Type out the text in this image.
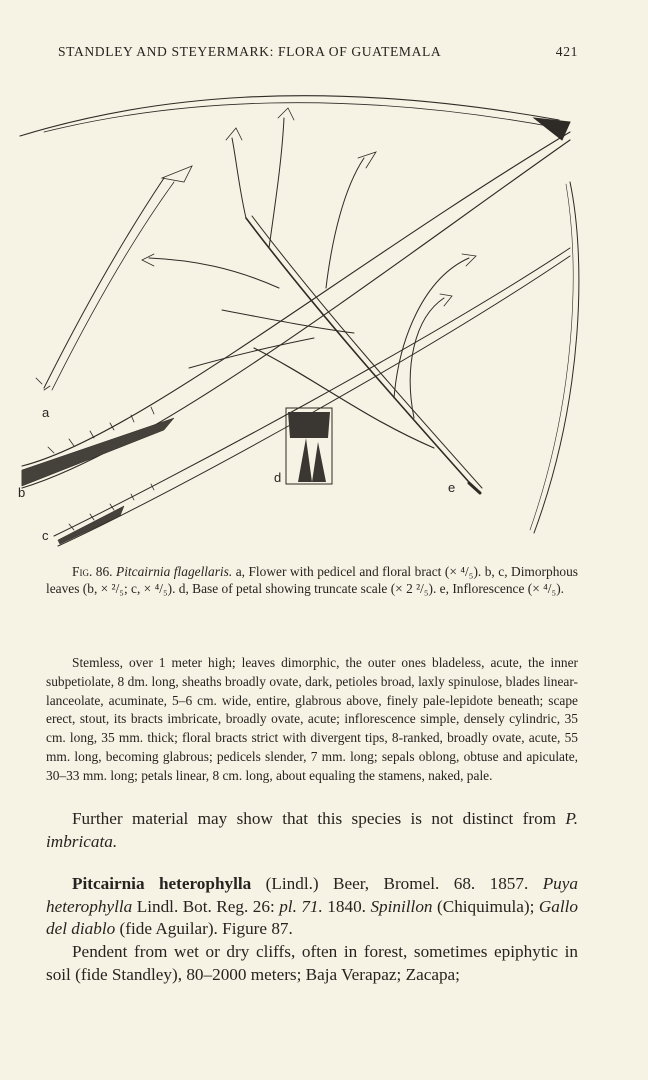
STANDLEY AND STEYERMARK: FLORA OF GUATEMALA	421
a
b
c
d
e
Fig. 86. Pitcairnia flagellaris. a, Flower with pedicel and floral bract (× ⁴/₅). b, c, Dimorphous leaves (b, × ²/₅; c, × ⁴/₅). d, Base of petal showing truncate scale (× 2 ²/₅). e, Inflorescence (× ⁴/₅).
Stemless, over 1 meter high; leaves dimorphic, the outer ones bladeless, acute, the inner subpetiolate, 8 dm. long, sheaths broadly ovate, dark, petioles broad, laxly spinulose, blades linear-lanceolate, acuminate, 5–6 cm. wide, entire, glabrous above, finely pale-lepidote beneath; scape erect, stout, its bracts imbricate, broadly ovate, acute; inflorescence simple, densely cylindric, 35 cm. long, 35 mm. thick; floral bracts strict with divergent tips, 8-ranked, broadly ovate, acute, 55 mm. long, becoming glabrous; pedicels slender, 7 mm. long; sepals oblong, obtuse and apiculate, 30–33 mm. long; petals linear, 8 cm. long, about equaling the stamens, naked, pale.
Further material may show that this species is not distinct from P. imbricata.
Pitcairnia heterophylla (Lindl.) Beer, Bromel. 68. 1857. Puya heterophylla Lindl. Bot. Reg. 26: pl. 71. 1840. Spinillon (Chiquimula); Gallo del diablo (fide Aguilar). Figure 87.
Pendent from wet or dry cliffs, often in forest, sometimes epiphytic in soil (fide Standley), 80–2000 meters; Baja Verapaz; Zacapa;
